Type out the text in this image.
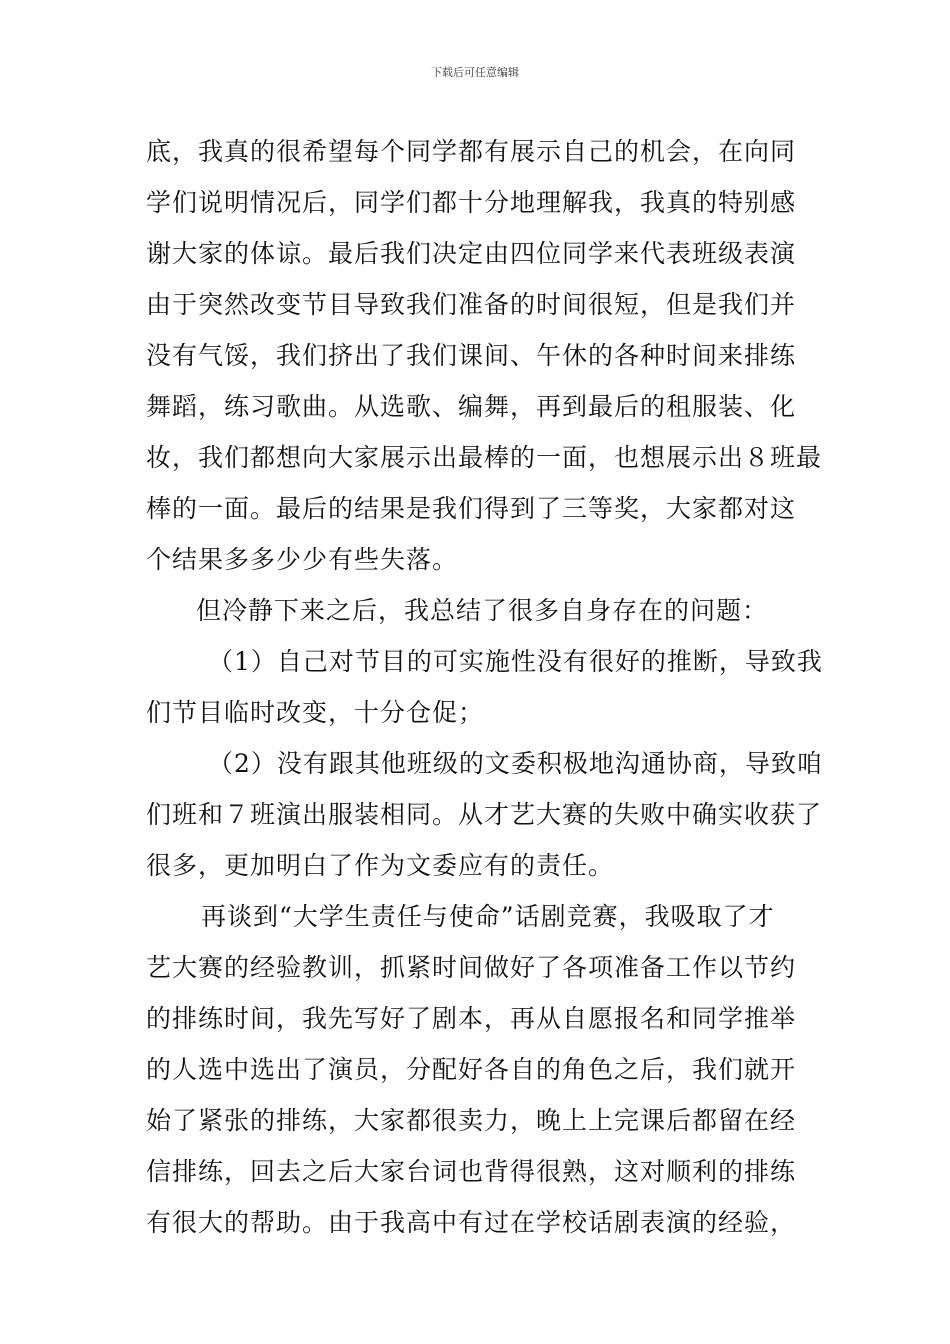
下载后可任意编辑
底，我真的很希望每个同学都有展示自己的机会，在向同
学们说明情况后，同学们都十分地理解我，我真的特别感
谢大家的体谅。最后我们决定由四位同学来代表班级表演
由于突然改变节目导致我们准备的时间很短，但是我们并
没有气馁，我们挤出了我们课间、午休的各种时间来排练
舞蹈，练习歌曲。从选歌、编舞，再到最后的租服装、化
妆，我们都想向大家展示出最棒的一面，也想展示出８班最
棒的一面。最后的结果是我们得到了三等奖，大家都对这
个结果多多少少有些失落。
但冷静下来之后，我总结了很多自身存在的问题：
（1）自己对节目的可实施性没有很好的推断，导致我
们节目临时改变，十分仓促；
（2）没有跟其他班级的文委积极地沟通协商，导致咱
们班和７班演出服装相同。从才艺大赛的失败中确实收获了
很多，更加明白了作为文委应有的责任。
再谈到“大学生责任与使命”话剧竞赛，我吸取了才
艺大赛的经验教训，抓紧时间做好了各项准备工作以节约
的排练时间，我先写好了剧本，再从自愿报名和同学推举
的人选中选出了演员，分配好各自的角色之后，我们就开
始了紧张的排练，大家都很卖力，晚上上完课后都留在经
信排练，回去之后大家台词也背得很熟，这对顺利的排练
有很大的帮助。由于我高中有过在学校话剧表演的经验，
